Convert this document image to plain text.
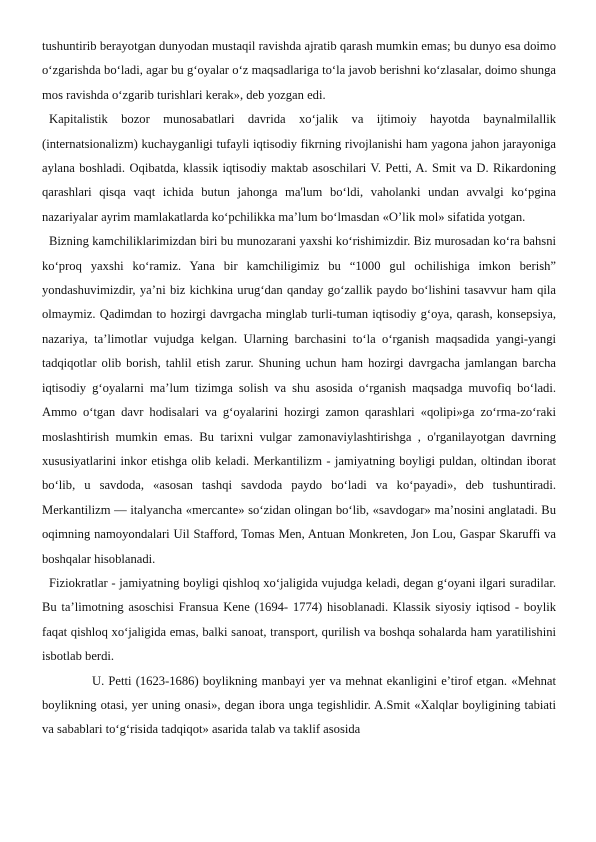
tushuntirib berayotgan dunyodan mustaqil ravishda ajratib qarash mumkin emas; bu dunyo esa doimo o‘zgarishda bo‘ladi, agar bu g‘oyalar o‘z maqsadlariga to‘la javob berishni ko‘zlasalar, doimo shunga mos ravishda o‘zgarib turishlari kerak», deb yozgan edi.

Kapitalistik bozor munosabatlari davrida xo‘jalik va ijtimoiy hayotda baynalmilallik (internatsionalizm) kuchayganligi tufayli iqtisodiy fikrning rivojlanishi ham yagona jahon jarayoniga aylana boshladi. Oqibatda, klassik iqtisodiy maktab asoschilari V. Petti, A. Smit va D. Rikardoning qarashlari qisqa vaqt ichida butun jahonga ma'lum bo‘ldi, vaholanki undan avvalgi ko‘pgina nazariyalar ayrim mamlakatlarda ko‘pchilikka ma’lum bo‘lmasdan «O’lik mol» sifatida yotgan.

Bizning kamchiliklarimizdan biri bu munozarani yaxshi ko‘rishimizdir. Biz murosadan ko‘ra bahsni ko‘proq yaxshi ko‘ramiz. Yana bir kamchiligimiz bu “1000 gul ochilishiga imkon berish” yondashuvimizdir, ya’ni biz kichkina urug‘dan qanday go‘zallik paydo bo‘lishini tasavvur ham qila olmaymiz. Qadimdan to hozirgi davrgacha minglab turli-tuman iqtisodiy g‘oya, qarash, konsepsiya, nazariya, ta’limotlar vujudga kelgan. Ularning barchasini to‘la o‘rganish maqsadida yangi-yangi tadqiqotlar olib borish, tahlil etish zarur. Shuning uchun ham hozirgi davrgacha jamlangan barcha iqtisodiy g‘oyalarni ma’lum tizimga solish va shu asosida o‘rganish maqsadga muvofiq bo‘ladi. Ammo o‘tgan davr hodisalari va g‘oyalarini hozirgi zamon qarashlari «qolipi»ga zo‘rma-zo‘raki moslashtirish mumkin emas. Bu tarixni vulgar zamonaviylashtirishga , o'rganilayotgan davrning xususiyatlarini inkor etishga olib keladi. Merkantilizm - jamiyatning boyligi puldan, oltindan iborat bo‘lib, u savdoda, «asosan tashqi savdoda paydo bo‘ladi va ko‘payadi», deb tushuntiradi. Merkantilizm — italyancha «mercante» so‘zidan olingan bo‘lib, «savdogar» ma’nosini anglatadi. Bu oqimning namoyondalari Uil Stafford, Tomas Men, Antuan Monkreten, Jon Lou, Gaspar Skaruffi va boshqalar hisoblanadi.

Fiziokratlar - jamiyatning boyligi qishloq xo‘jaligida vujudga keladi, degan g‘oyani ilgari suradilar. Bu ta’limotning asoschisi Fransua Kene (1694- 1774) hisoblanadi. Klassik siyosiy iqtisod - boylik faqat qishloq xo‘jaligida emas, balki sanoat, transport, qurilish va boshqa sohalarda ham yaratilishini isbotlab berdi.

U. Petti (1623-1686) boylikning manbayi yer va mehnat ekanligini e’tirof etgan. «Mehnat boylikning otasi, yer uning onasi», degan ibora unga tegishlidir. A.Smit «Xalqlar boyligining tabiati va sabablari to‘g‘risida tadqiqot» asarida talab va taklif asosida
